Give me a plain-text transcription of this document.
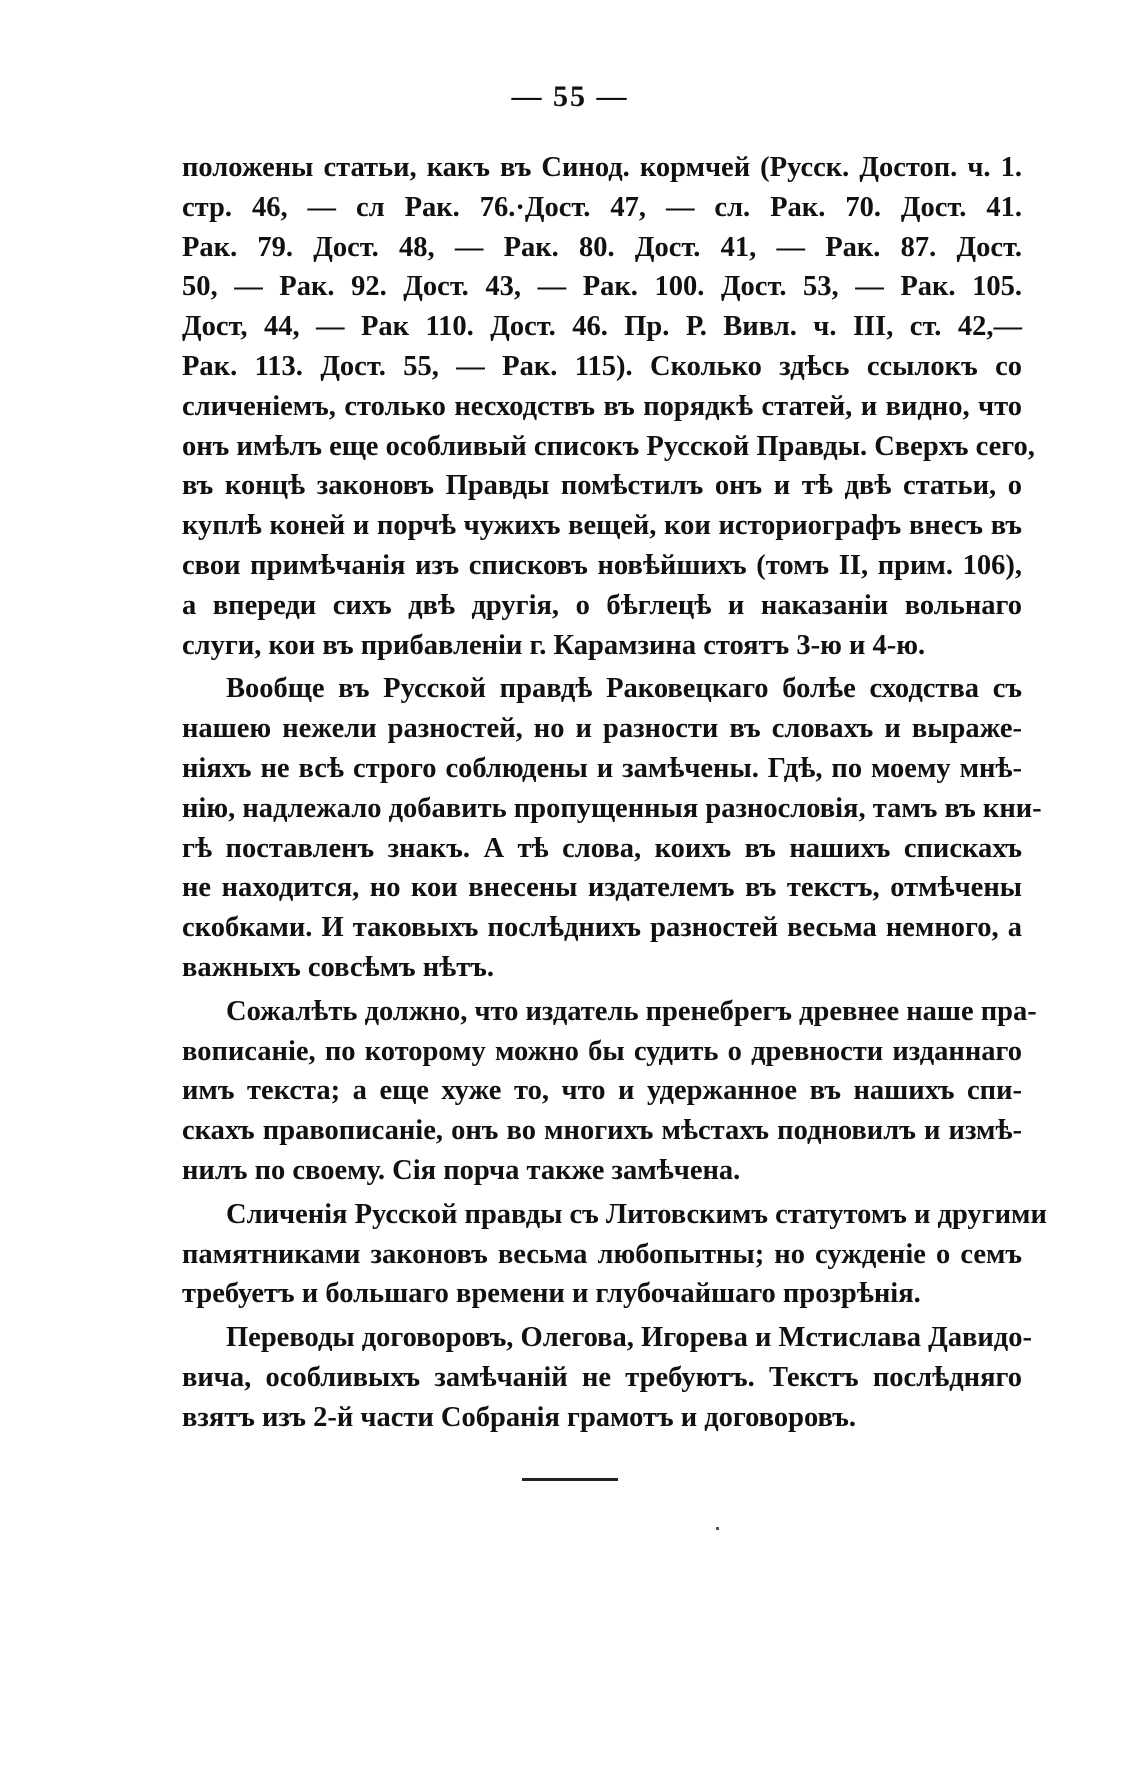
— 55 —
положены статьи, какъ въ Синод. кормчей (Русск. Достоп. ч. 1.
стр. 46, — сл Рак. 76.·Дост. 47, — сл. Рак. 70. Дост. 41.
Рак. 79. Дост. 48, — Рак. 80. Дост. 41, — Рак. 87. Дост.
50, — Рак. 92. Дост. 43, — Рак. 100. Дост. 53, — Рак. 105.
Дост, 44, — Рак 110. Дост. 46. Пр. Р. Вивл. ч. III, ст. 42,—
Рак. 113. Дост. 55, — Рак. 115). Сколько здѣсь ссылокъ со
сличеніемъ, столько несходствъ въ порядкѣ статей, и видно, что
онъ имѣлъ еще особливый списокъ Русской Правды. Сверхъ сего,
въ концѣ законовъ Правды помѣстилъ онъ и тѣ двѣ статьи, о
куплѣ коней и порчѣ чужихъ вещей, кои историографъ внесъ въ
свои примѣчанія изъ списковъ новѣйшихъ (томъ II, прим. 106),
а впереди сихъ двѣ другія, о бѣглецѣ и наказаніи вольнаго
слуги, кои въ прибавленіи г. Карамзина стоятъ 3-ю и 4-ю.
Вообще въ Русской правдѣ Раковецкаго болѣе сходства съ
нашею нежели разностей, но и разности въ словахъ и выраже-
ніяхъ не всѣ строго соблюдены и замѣчены. Гдѣ, по моему мнѣ-
нію, надлежало добавить пропущенныя разнословія, тамъ въ кни-
гѣ поставленъ знакъ. А тѣ слова, коихъ въ нашихъ спискахъ
не находится, но кои внесены издателемъ въ текстъ, отмѣчены
скобками. И таковыхъ послѣднихъ разностей весьма немного, а
важныхъ совсѣмъ нѣтъ.
Сожалѣть должно, что издатель пренебрегъ древнее наше пра-
вописаніе, по которому можно бы судить о древности изданнаго
имъ текста; а еще хуже то, что и удержанное въ нашихъ спи-
скахъ правописаніе, онъ во многихъ мѣстахъ подновилъ и измѣ-
нилъ по своему. Сія порча также замѣчена.
Сличенія Русской правды съ Литовскимъ статутомъ и другими
памятниками законовъ весьма любопытны; но сужденіе о семъ
требуетъ и большаго времени и глубочайшаго прозрѣнія.
Переводы договоровъ, Олегова, Игорева и Мстислава Давидо-
вича, особливыхъ замѣчаній не требуютъ. Текстъ послѣдняго
взятъ изъ 2-й части Собранія грамотъ и договоровъ.
